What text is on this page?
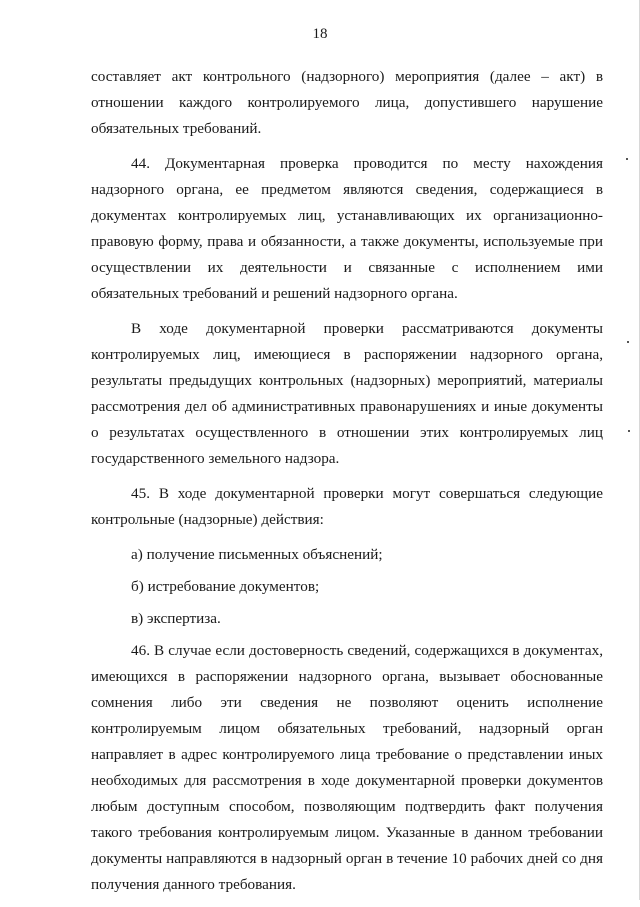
18

составляет акт контрольного (надзорного) мероприятия (далее – акт) в отношении каждого контролируемого лица, допустившего нарушение обязательных требований.

44. Документарная проверка проводится по месту нахождения надзорного органа, ее предметом являются сведения, содержащиеся в документах контролируемых лиц, устанавливающих их организационно-правовую форму, права и обязанности, а также документы, используемые при осуществлении их деятельности и связанные с исполнением ими обязательных требований и решений надзорного органа.

В ходе документарной проверки рассматриваются документы контролируемых лиц, имеющиеся в распоряжении надзорного органа, результаты предыдущих контрольных (надзорных) мероприятий, материалы рассмотрения дел об административных правонарушениях и иные документы о результатах осуществленного в отношении этих контролируемых лиц государственного земельного надзора.

45. В ходе документарной проверки могут совершаться следующие контрольные (надзорные) действия:

а) получение письменных объяснений;

б) истребование документов;

в) экспертиза.

46. В случае если достоверность сведений, содержащихся в документах, имеющихся в распоряжении надзорного органа, вызывает обоснованные сомнения либо эти сведения не позволяют оценить исполнение контролируемым лицом обязательных требований, надзорный орган направляет в адрес контролируемого лица требование о представлении иных необходимых для рассмотрения в ходе документарной проверки документов любым доступным способом, позволяющим подтвердить факт получения такого требования контролируемым лицом. Указанные в данном требовании документы направляются в надзорный орган в течение 10 рабочих дней со дня получения данного требования.
